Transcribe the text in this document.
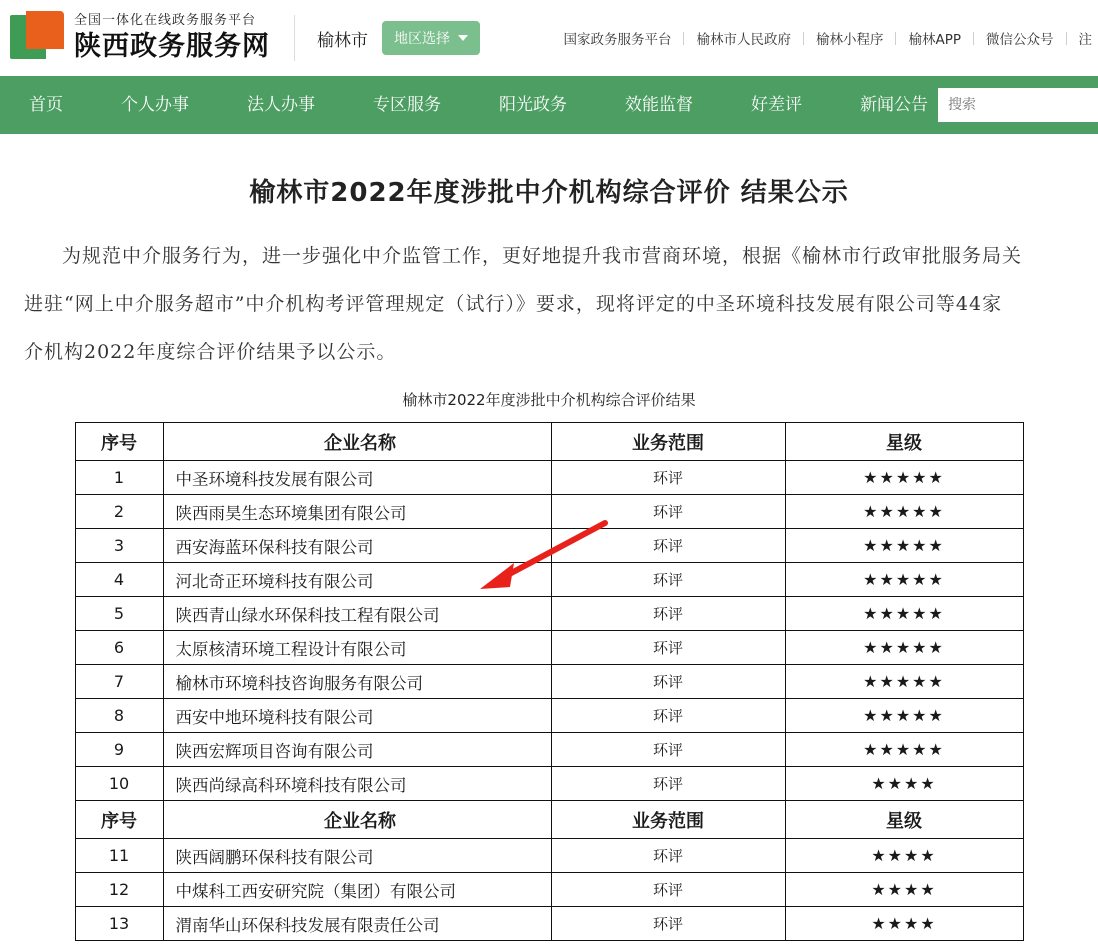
全国一体化在线政务服务平台
陕西政务服务网	榆林市 地区选择	国家政务服务平台	榆林市人民政府	榆林小程序	榆林APP	微信公众号	注
首页	个人办事	法人办事	专区服务	阳光政务	效能监督	好差评	新闻公告
搜索
榆林市2022年度涉批中介机构综合评价 结果公示

为规范中介服务行为，进一步强化中介监管工作，更好地提升我市营商环境，根据《榆林市行政审批服务局关

进驻“网上中介服务超市”中介机构考评管理规定（试行）》要求，现将评定的中圣环境科技发展有限公司等44家

介机构2022年度综合评价结果予以公示。

榆林市2022年度涉批中介机构综合评价结果
序号	企业名称	业务范围	星级
1	中圣环境科技发展有限公司	环评	★★★★★
2	陕西雨昊生态环境集团有限公司	环评	★★★★★
3	西安海蓝环保科技有限公司	环评	★★★★★
4	河北奇正环境科技有限公司	环评	★★★★★
5	陕西青山绿水环保科技工程有限公司	环评	★★★★★
6	太原核清环境工程设计有限公司	环评	★★★★★
7	榆林市环境科技咨询服务有限公司	环评	★★★★★
8	西安中地环境科技有限公司	环评	★★★★★
9	陕西宏辉项目咨询有限公司	环评	★★★★★
10	陕西尚绿高科环境科技有限公司	环评	★★★★
序号	企业名称	业务范围	星级
11	陕西阔鹏环保科技有限公司	环评	★★★★
12	中煤科工西安研究院（集团）有限公司	环评	★★★★
13	渭南华山环保科技发展有限责任公司	环评	★★★★
